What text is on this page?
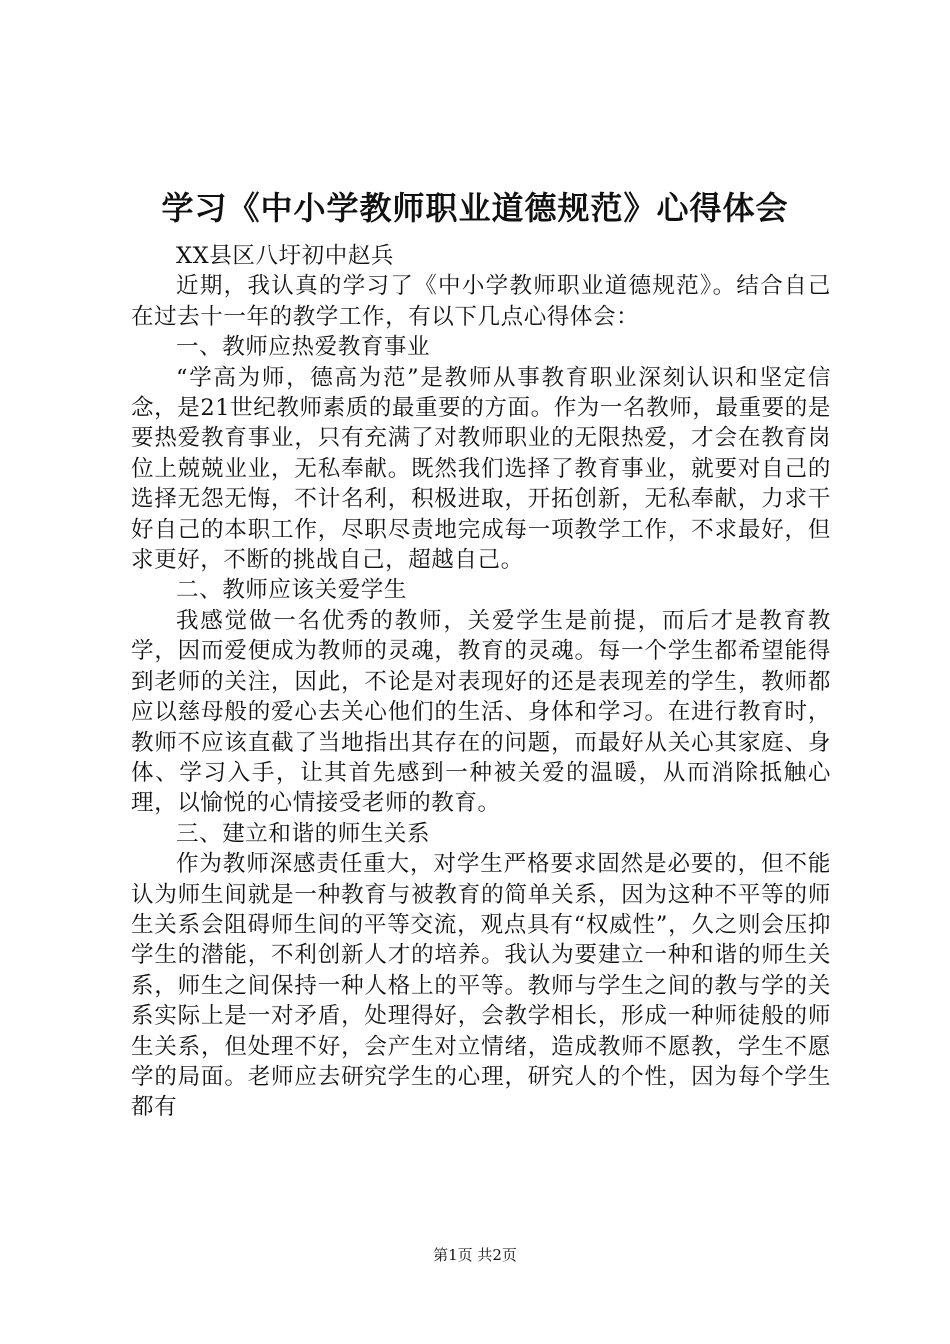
学习《中小学教师职业道德规范》心得体会

XX县区八圩初中赵兵

近期，我认真的学习了《中小学教师职业道德规范》。结合自己在过去十一年的教学工作，有以下几点心得体会：

一、教师应热爱教育事业

“学高为师，德高为范”是教师从事教育职业深刻认识和坚定信念，是21世纪教师素质的最重要的方面。作为一名教师，最重要的是要热爱教育事业，只有充满了对教师职业的无限热爱，才会在教育岗位上兢兢业业，无私奉献。既然我们选择了教育事业，就要对自己的选择无怨无悔，不计名利，积极进取，开拓创新，无私奉献，力求干好自己的本职工作，尽职尽责地完成每一项教学工作，不求最好，但求更好，不断的挑战自己，超越自己。

二、教师应该关爱学生

我感觉做一名优秀的教师，关爱学生是前提，而后才是教育教学，因而爱便成为教师的灵魂，教育的灵魂。每一个学生都希望能得到老师的关注，因此，不论是对表现好的还是表现差的学生，教师都应以慈母般的爱心去关心他们的生活、身体和学习。在进行教育时，教师不应该直截了当地指出其存在的问题，而最好从关心其家庭、身体、学习入手，让其首先感到一种被关爱的温暖，从而消除抵触心理，以愉悦的心情接受老师的教育。

三、建立和谐的师生关系

作为教师深感责任重大，对学生严格要求固然是必要的，但不能认为师生间就是一种教育与被教育的简单关系，因为这种不平等的师生关系会阻碍师生间的平等交流，观点具有“权威性”，久之则会压抑学生的潜能，不利创新人才的培养。我认为要建立一种和谐的师生关系，师生之间保持一种人格上的平等。教师与学生之间的教与学的关系实际上是一对矛盾，处理得好，会教学相长，形成一种师徒般的师生关系，但处理不好，会产生对立情绪，造成教师不愿教，学生不愿学的局面。老师应去研究学生的心理，研究人的个性，因为每个学生都有

第1页 共2页
